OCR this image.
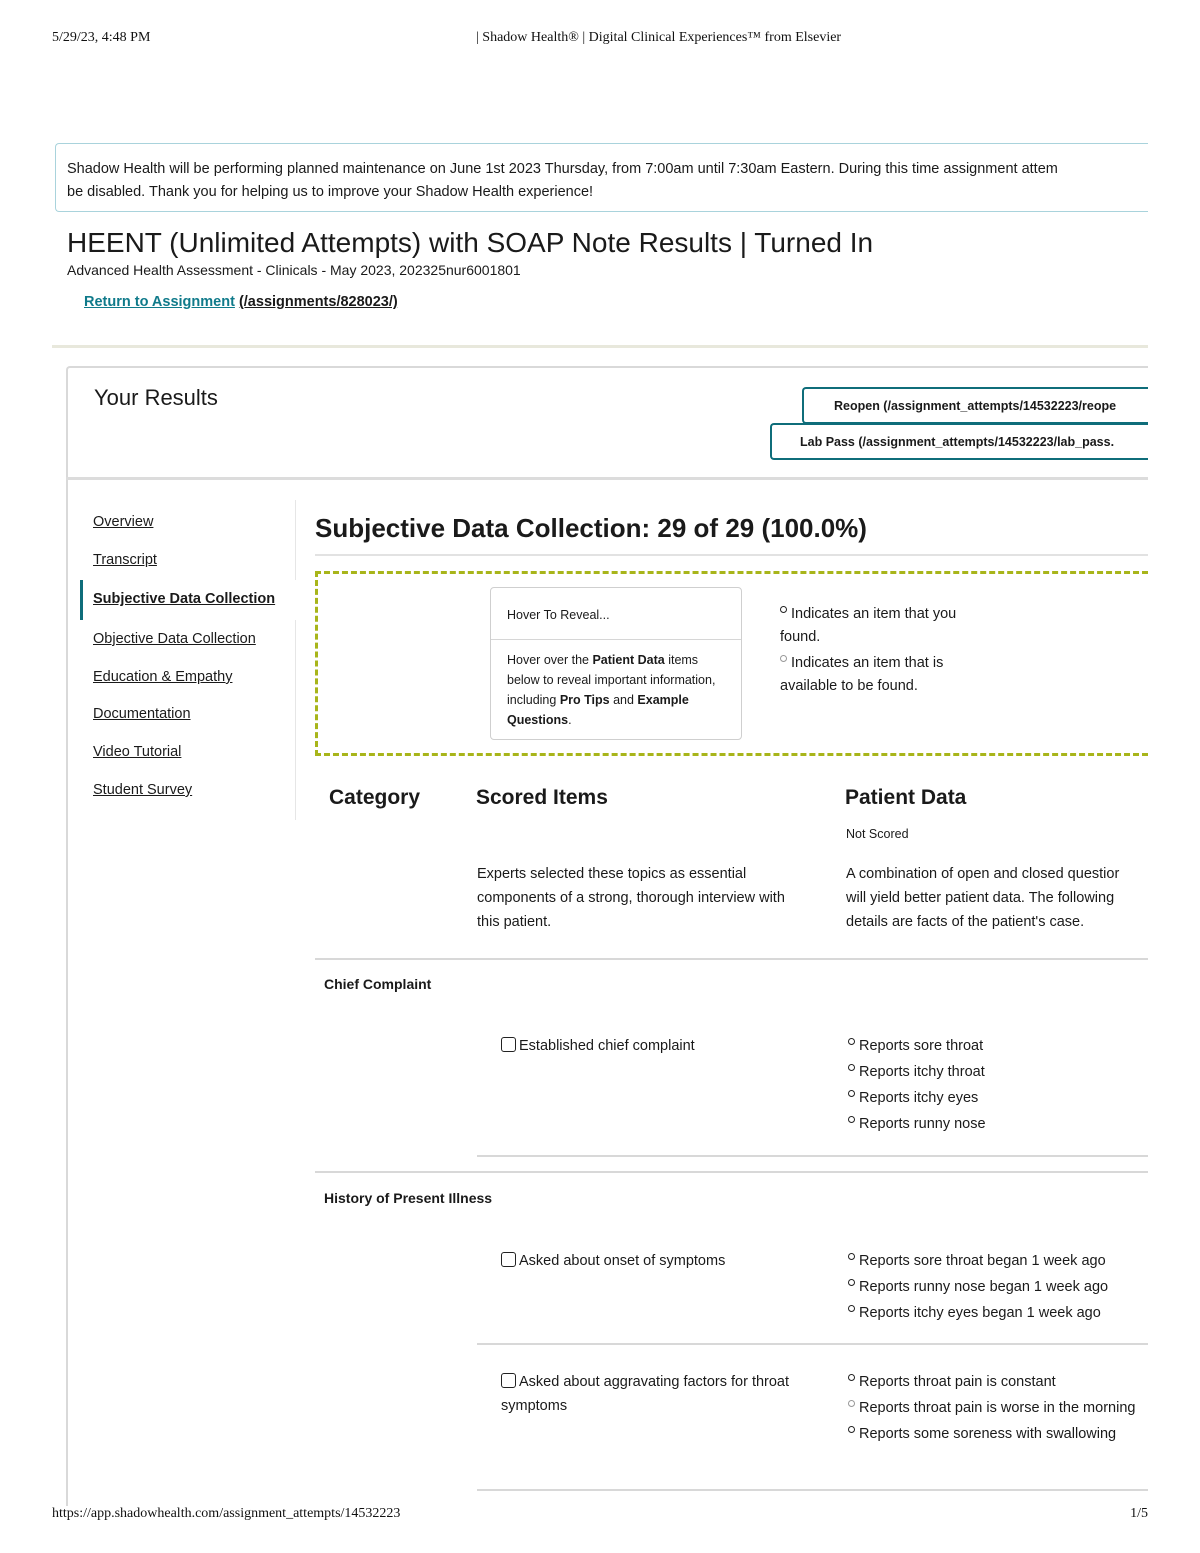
5/29/23, 4:48 PM	| Shadow Health® | Digital Clinical Experiences™ from Elsevier
Shadow Health will be performing planned maintenance on June 1st 2023 Thursday, from 7:00am until 7:30am Eastern. During this time assignment attem
be disabled. Thank you for helping us to improve your Shadow Health experience!
HEENT (Unlimited Attempts) with SOAP Note Results | Turned In
Advanced Health Assessment - Clinicals - May 2023, 202325nur6001801
Return to Assignment (/assignments/828023/)
Your Results	Reopen (/assignment_attempts/14532223/reope
Lab Pass (/assignment_attempts/14532223/lab_pass.
Overview
Transcript
Subjective Data Collection
Objective Data Collection
Education & Empathy
Documentation
Video Tutorial
Student Survey
Subjective Data Collection: 29 of 29 (100.0%)
Hover To Reveal...
Hover over the Patient Data items below to reveal important information, including Pro Tips and Example Questions.
Indicates an item that you found.
Indicates an item that is available to be found.
Category	Scored Items	Patient Data
Not Scored
Experts selected these topics as essential components of a strong, thorough interview with this patient.
A combination of open and closed questior
will yield better patient data. The following
details are facts of the patient's case.
Chief Complaint
Established chief complaint	Reports sore throat
Reports itchy throat
Reports itchy eyes
Reports runny nose
History of Present Illness
Asked about onset of symptoms	Reports sore throat began 1 week ago
Reports runny nose began 1 week ago
Reports itchy eyes began 1 week ago
Asked about aggravating factors for throat symptoms
Reports throat pain is constant
Reports throat pain is worse in the morning
Reports some soreness with swallowing
https://app.shadowhealth.com/assignment_attempts/14532223	1/5
